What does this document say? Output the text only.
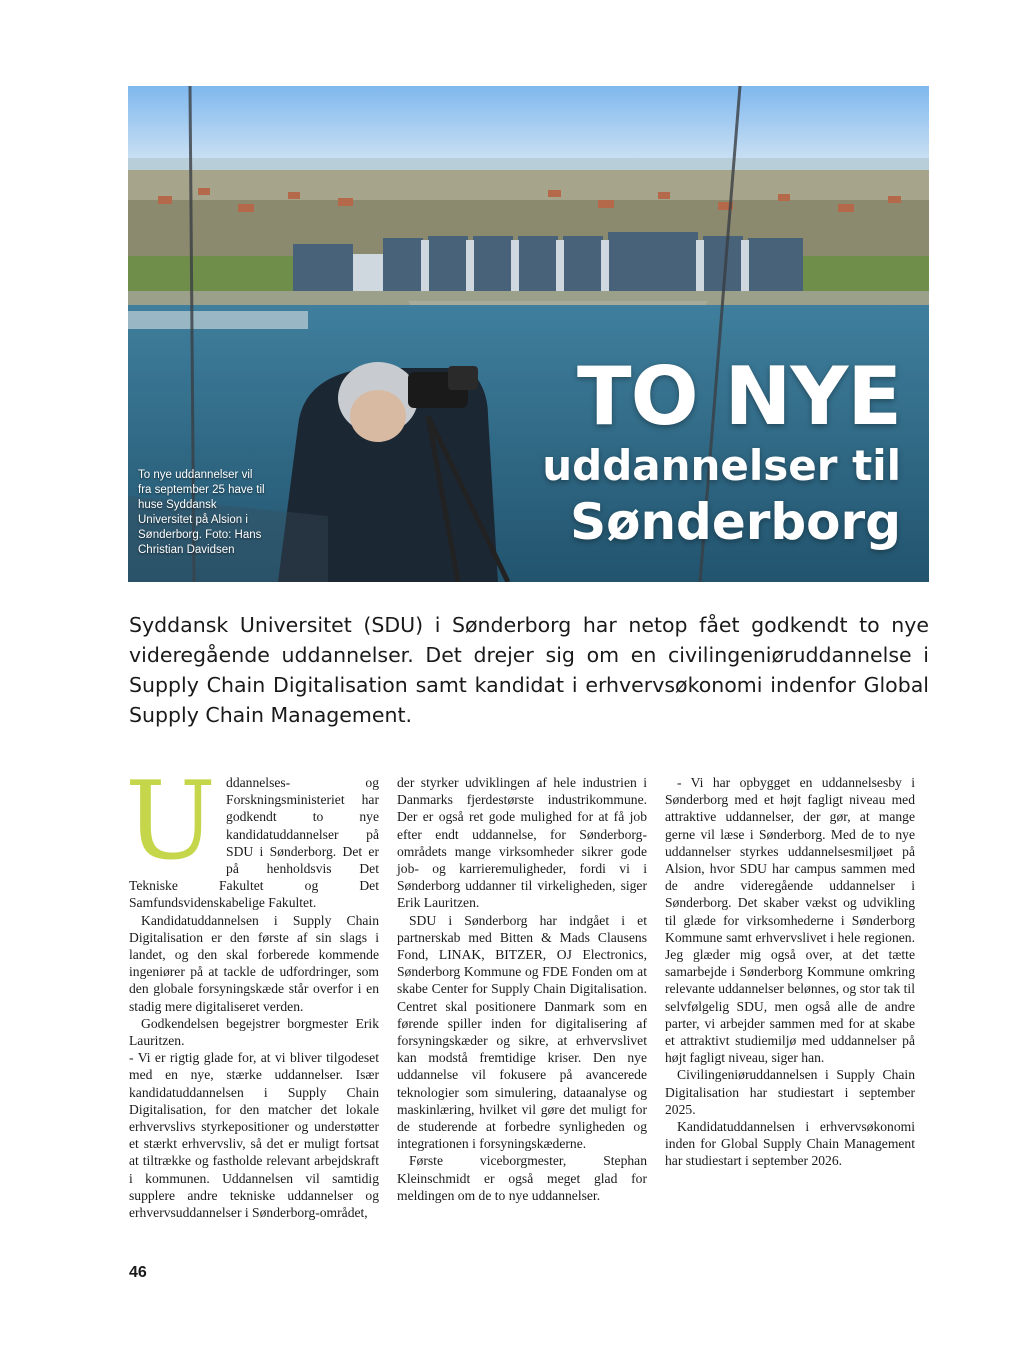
TO NYE
uddannelser til
Sønderborg
To nye uddannelser vil fra september 25 have til huse Syddansk Universitet på Alsion i Sønderborg. Foto: Hans Christian Davidsen
Syddansk Universitet (SDU) i Sønderborg har netop fået godkendt to nye videregående uddannelser. Det drejer sig om en civilingeniøruddannelse i Supply Chain Digitalisation samt kandidat i erhvervsøkonomi indenfor Global Supply Chain Management.

Uddannelses- og Forskningsministeriet har godkendt to nye kandidatuddannelser på SDU i Sønderborg. Det er på henholdsvis Det Tekniske Fakultet og Det Samfundsvidenskabelige Fakultet.

Kandidatuddannelsen i Supply Chain Digitalisation er den første af sin slags i landet, og den skal forberede kommende ingeniører på at tackle de udfordringer, som den globale forsyningskæde står overfor i en stadig mere digitaliseret verden.

Godkendelsen begejstrer borgmester Erik Lauritzen.

- Vi er rigtig glade for, at vi bliver tilgodeset med en nye, stærke uddannelser. Især kandidatuddannelsen i Supply Chain Digitalisation, for den matcher det lokale erhvervslivs styrkepositioner og understøtter et stærkt erhvervsliv, så det er muligt fortsat at tiltrække og fastholde relevant arbejdskraft i kommunen. Uddannelsen vil samtidig supplere andre tekniske uddannelser og erhvervsuddannelser i Sønderborg-området,

der styrker udviklingen af hele industrien i Danmarks fjerdestørste industrikommune. Der er også ret gode mulighed for at få job efter endt uddannelse, for Sønderborg-områdets mange virksomheder sikrer gode job- og karrieremuligheder, fordi vi i Sønderborg uddanner til virkeligheden, siger Erik Lauritzen.

SDU i Sønderborg har indgået i et partnerskab med Bitten & Mads Clausens Fond, LINAK, BITZER, OJ Electronics, Sønderborg Kommune og FDE Fonden om at skabe Center for Supply Chain Digitalisation. Centret skal positionere Danmark som en førende spiller inden for digitalisering af forsyningskæder og sikre, at erhvervslivet kan modstå fremtidige kriser. Den nye uddannelse vil fokusere på avancerede teknologier som simulering, dataanalyse og maskinlæring, hvilket vil gøre det muligt for de studerende at forbedre synligheden og integrationen i forsyningskæderne.

Første viceborgmester, Stephan Kleinschmidt er også meget glad for meldingen om de to nye uddannelser.

- Vi har opbygget en uddannelsesby i Sønderborg med et højt fagligt niveau med attraktive uddannelser, der gør, at mange gerne vil læse i Sønderborg. Med de to nye uddannelser styrkes uddannelsesmiljøet på Alsion, hvor SDU har campus sammen med de andre videregående uddannelser i Sønderborg. Det skaber vækst og udvikling til glæde for virksomhederne i Sønderborg Kommune samt erhvervslivet i hele regionen. Jeg glæder mig også over, at det tætte samarbejde i Sønderborg Kommune omkring relevante uddannelser belønnes, og stor tak til selvfølgelig SDU, men også alle de andre parter, vi arbejder sammen med for at skabe et attraktivt studiemiljø med uddannelser på højt fagligt niveau, siger han.

Civilingeniøruddannelsen i Supply Chain Digitalisation har studiestart i september 2025.

Kandidatuddannelsen i erhvervsøkonomi inden for Global Supply Chain Management har studiestart i september 2026.

46
